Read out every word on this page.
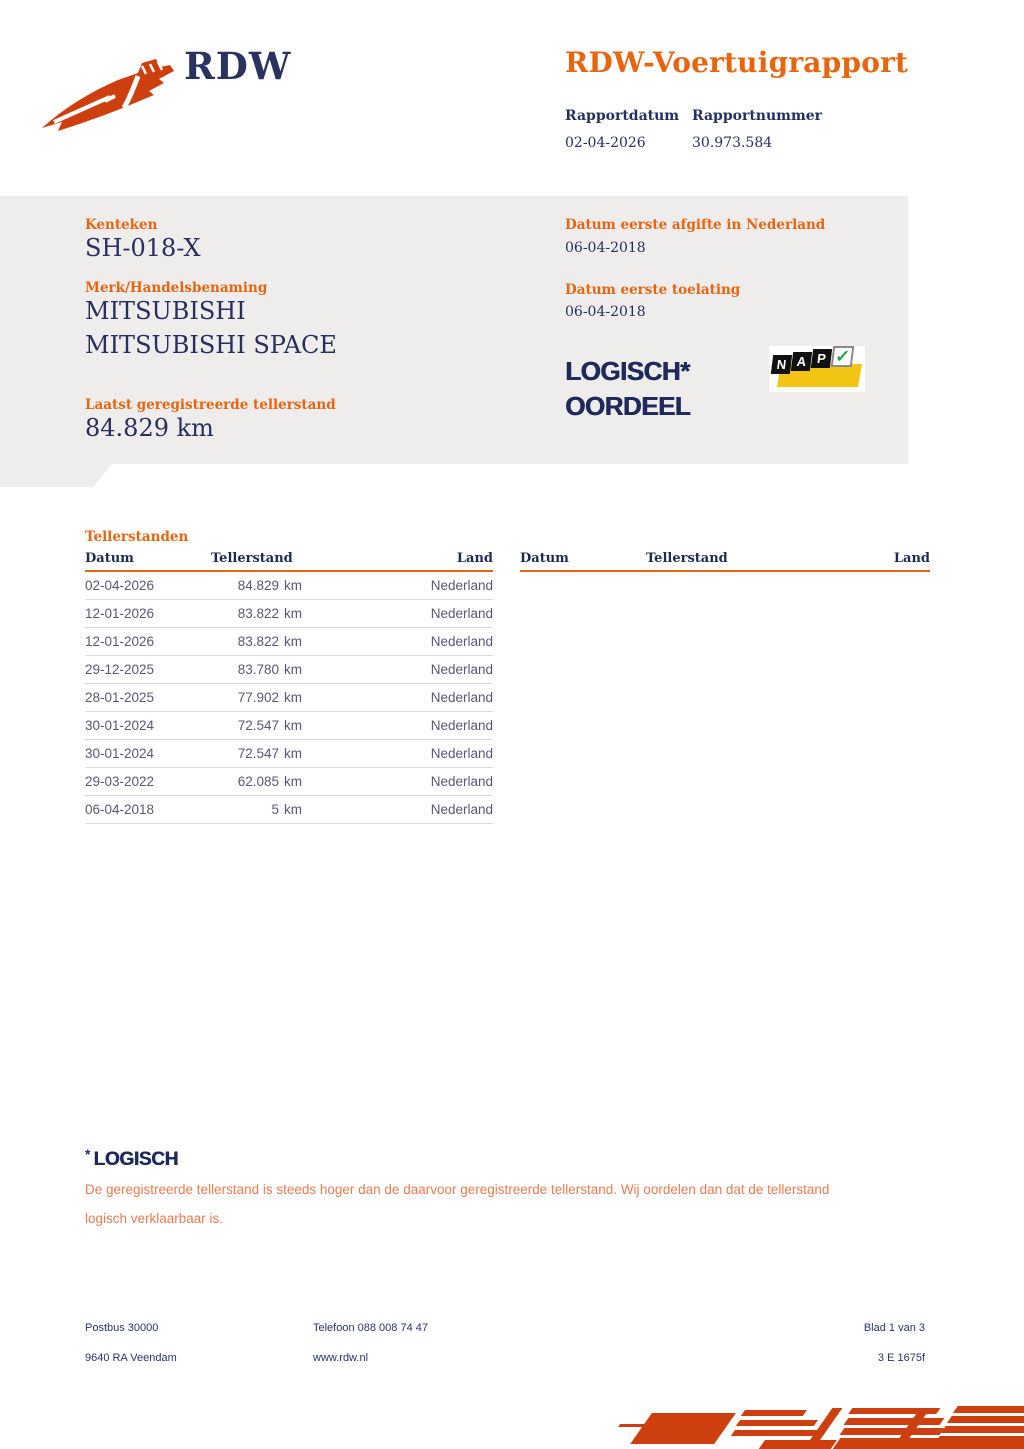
RDW	RDW-Voertuigrapport
Rapportdatum Rapportnummer
02-04-2026	30.973.584
Kenteken
SH-018-X
Merk/Handelsbenaming
MITSUBISHI
MITSUBISHI SPACE
Laatst geregistreerde tellerstand
84.829 km
Datum eerste afgifte in Nederland
06-04-2018
Datum eerste toelating
06-04-2018
LOGISCH*
OORDEEL
N A P ✓
Tellerstanden
Datum	Tellerstand	Land
02-04-2026	84.829 km	Nederland
12-01-2026	83.822 km	Nederland
12-01-2026	83.822 km	Nederland
29-12-2025	83.780 km	Nederland
28-01-2025	77.902 km	Nederland
30-01-2024	72.547 km	Nederland
30-01-2024	72.547 km	Nederland
29-03-2022	62.085 km	Nederland
06-04-2018	5 km	Nederland
Datum	Tellerstand	Land
* LOGISCH
De geregistreerde tellerstand is steeds hoger dan de daarvoor geregistreerde tellerstand. Wij oordelen dan dat de tellerstand logisch verklaarbaar is.
Postbus 30000
9640 RA Veendam
Telefoon 088 008 74 47
www.rdw.nl
Blad 1 van 3
3 E 1675f
